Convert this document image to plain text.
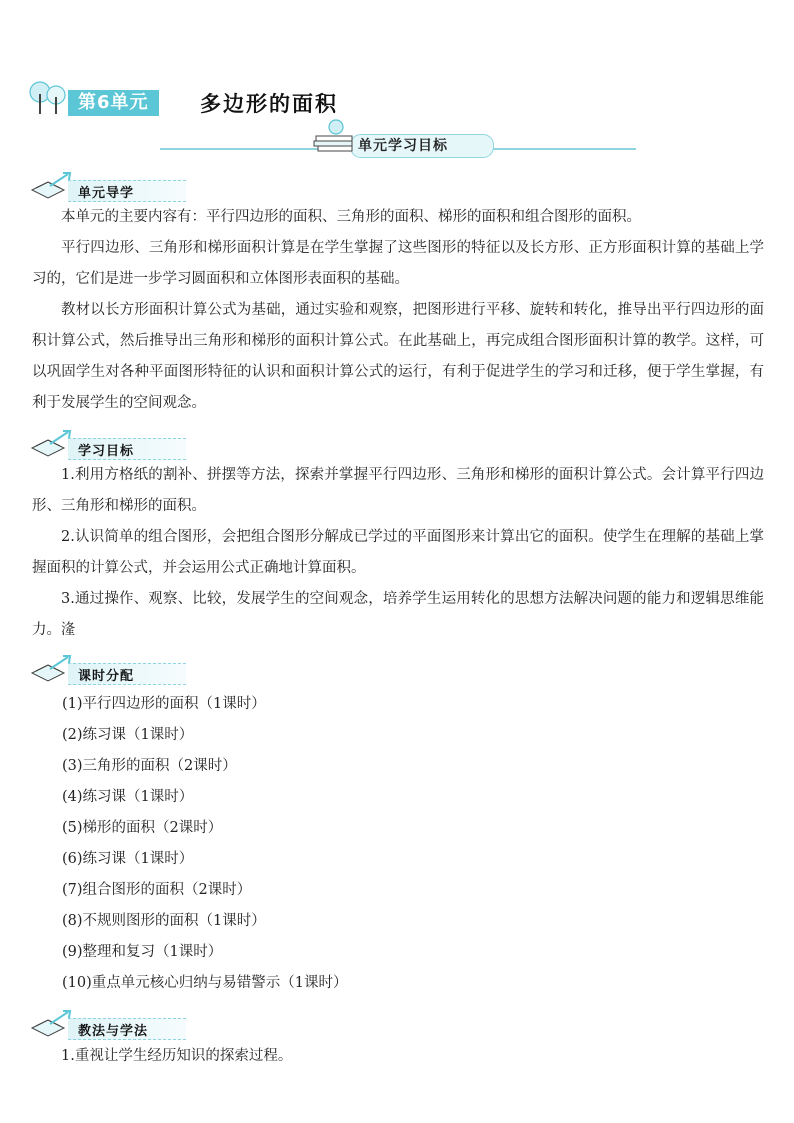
第6单元	多边形的面积
单元学习目标
单元导学

本单元的主要内容有：平行四边形的面积、三角形的面积、梯形的面积和组合图形的面积。

平行四边形、三角形和梯形面积计算是在学生掌握了这些图形的特征以及长方形、正方形面积计算的基础上学习的，它们是进一步学习圆面积和立体图形表面积的基础。

教材以长方形面积计算公式为基础，通过实验和观察，把图形进行平移、旋转和转化，推导出平行四边形的面积计算公式，然后推导出三角形和梯形的面积计算公式。在此基础上，再完成组合图形面积计算的教学。这样，可以巩固学生对各种平面图形特征的认识和面积计算公式的运行，有利于促进学生的学习和迁移，便于学生掌握，有利于发展学生的空间观念。

学习目标

1.利用方格纸的割补、拼摆等方法，探索并掌握平行四边形、三角形和梯形的面积计算公式。会计算平行四边形、三角形和梯形的面积。

2.认识简单的组合图形，会把组合图形分解成已学过的平面图形来计算出它的面积。使学生在理解的基础上掌握面积的计算公式，并会运用公式正确地计算面积。

3.通过操作、观察、比较，发展学生的空间观念，培养学生运用转化的思想方法解决问题的能力和逻辑思维能力。湰

课时分配
(1)平行四边形的面积（1课时）
(2)练习课（1课时）
(3)三角形的面积（2课时）
(4)练习课（1课时）
(5)梯形的面积（2课时）
(6)练习课（1课时）
(7)组合图形的面积（2课时）
(8)不规则图形的面积（1课时）
(9)整理和复习（1课时）
(10)重点单元核心归纳与易错警示（1课时）
教法与学法

1.重视让学生经历知识的探索过程。
